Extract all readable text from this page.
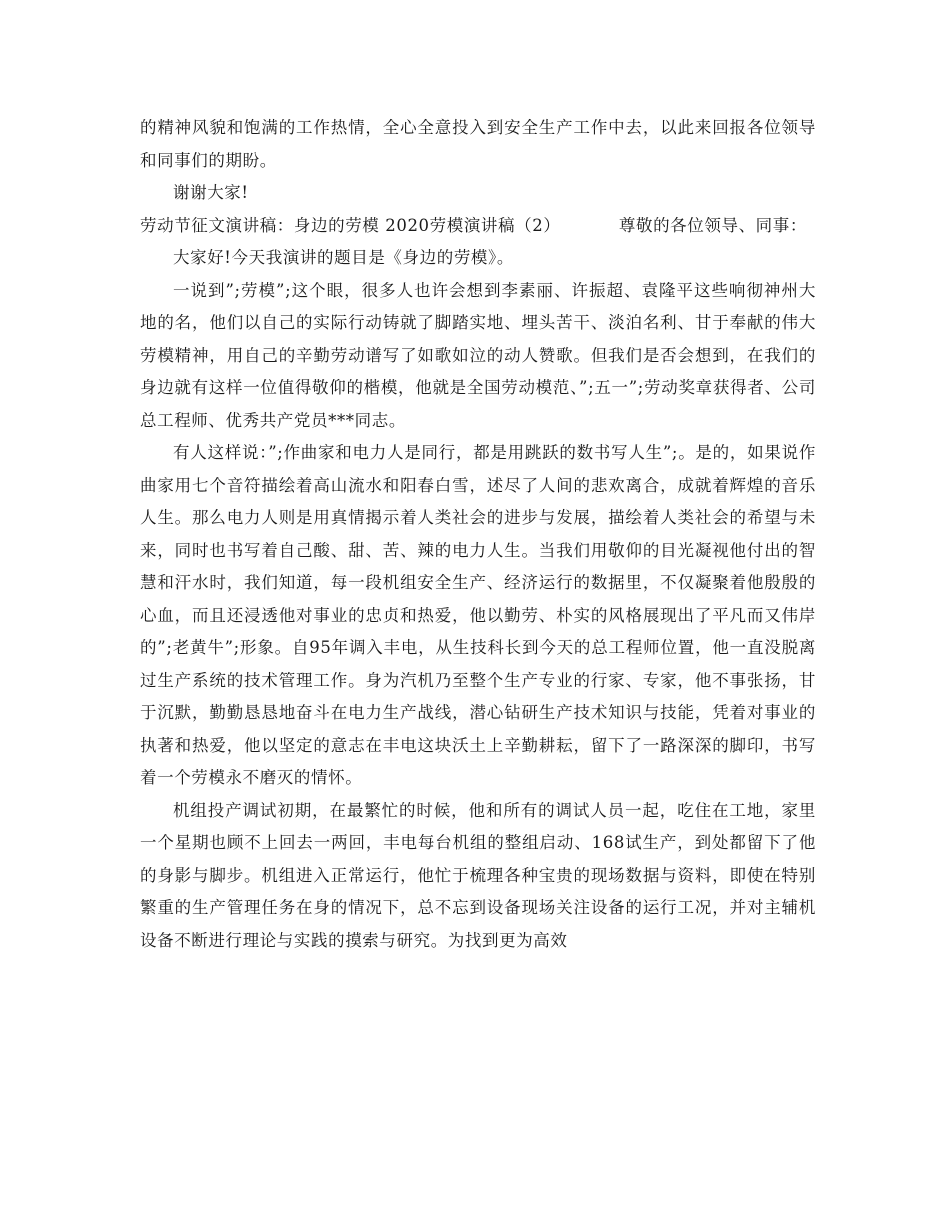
的精神风貌和饱满的工作热情，全心全意投入到安全生产工作中去，以此来回报各位领导和同事们的期盼。

谢谢大家!

劳动节征文演讲稿：身边的劳模 2020劳模演讲稿（2）          尊敬的各位领导、同事：

大家好!今天我演讲的题目是《身边的劳模》。

一说到”;劳模”;这个眼，很多人也许会想到李素丽、许振超、袁隆平这些响彻神州大地的名，他们以自己的实际行动铸就了脚踏实地、埋头苦干、淡泊名利、甘于奉献的伟大劳模精神，用自己的辛勤劳动谱写了如歌如泣的动人赞歌。但我们是否会想到，在我们的身边就有这样一位值得敬仰的楷模，他就是全国劳动模范、”;五一”;劳动奖章获得者、公司总工程师、优秀共产党员***同志。

有人这样说：”;作曲家和电力人是同行，都是用跳跃的数书写人生”;。是的，如果说作曲家用七个音符描绘着高山流水和阳春白雪，述尽了人间的悲欢离合，成就着辉煌的音乐人生。那么电力人则是用真情揭示着人类社会的进步与发展，描绘着人类社会的希望与未来，同时也书写着自己酸、甜、苦、辣的电力人生。当我们用敬仰的目光凝视他付出的智慧和汗水时，我们知道，每一段机组安全生产、经济运行的数据里，不仅凝聚着他殷殷的心血，而且还浸透他对事业的忠贞和热爱，他以勤劳、朴实的风格展现出了平凡而又伟岸的”;老黄牛”;形象。自95年调入丰电，从生技科长到今天的总工程师位置，他一直没脱离过生产系统的技术管理工作。身为汽机乃至整个生产专业的行家、专家，他不事张扬，甘于沉默，勤勤恳恳地奋斗在电力生产战线，潜心钻研生产技术知识与技能，凭着对事业的执著和热爱，他以坚定的意志在丰电这块沃土上辛勤耕耘，留下了一路深深的脚印，书写着一个劳模永不磨灭的情怀。

机组投产调试初期，在最繁忙的时候，他和所有的调试人员一起，吃住在工地，家里一个星期也顾不上回去一两回，丰电每台机组的整组启动、168试生产，到处都留下了他的身影与脚步。机组进入正常运行，他忙于梳理各种宝贵的现场数据与资料，即使在特别繁重的生产管理任务在身的情况下，总不忘到设备现场关注设备的运行工况，并对主辅机设备不断进行理论与实践的摸索与研究。为找到更为高效
